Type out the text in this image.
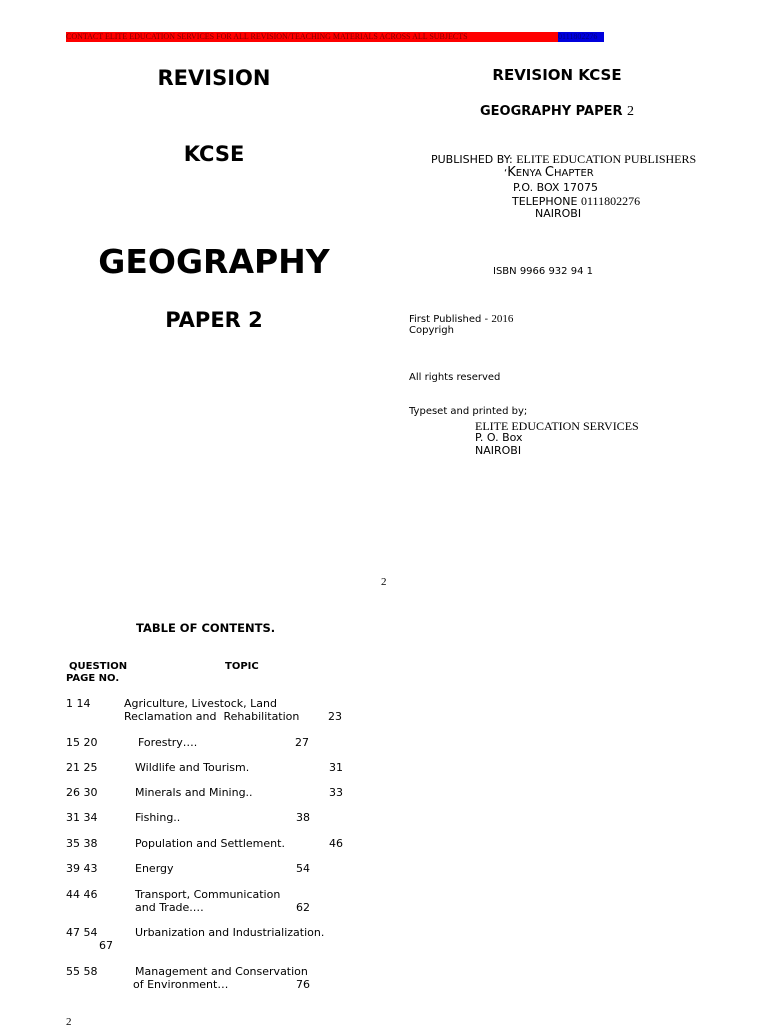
CONTACT ELITE EDUCATION SERVICES FOR ALL REVISION/TEACHING MATERIALS ACROSS ALL SUBJECTS	0111802276
REVISION
KCSE
GEOGRAPHY
PAPER 2
REVISION KCSE
GEOGRAPHY PAPER 2
PUBLISHED BY: ELITE EDUCATION PUBLISHERS
‘KENYA CHAPTER
P.O. BOX 17075
TELEPHONE 0111802276
NAIROBI
ISBN 9966 932 94 1
First Published - 2016
Copyrigh
All rights reserved
Typeset and printed by;
ELITE EDUCATION SERVICES
P. O. Box
NAIROBI
2
TABLE OF CONTENTS.
QUESTION	TOPIC
PAGE NO.
1 14	Agriculture, Livestock, Land
Reclamation and  Rehabilitation	23
15 20	Forestry….	27
21 25	Wildlife and Tourism.	31
26 30	Minerals and Mining..	33
31 34	Fishing..	38
35 38	Population and Settlement.	46
39 43	Energy	54
44 46	Transport, Communication
and Trade.…	62
47 54	Urbanization and Industrialization.
67
55 58	Management and Conservation
of Environment…	76
2
